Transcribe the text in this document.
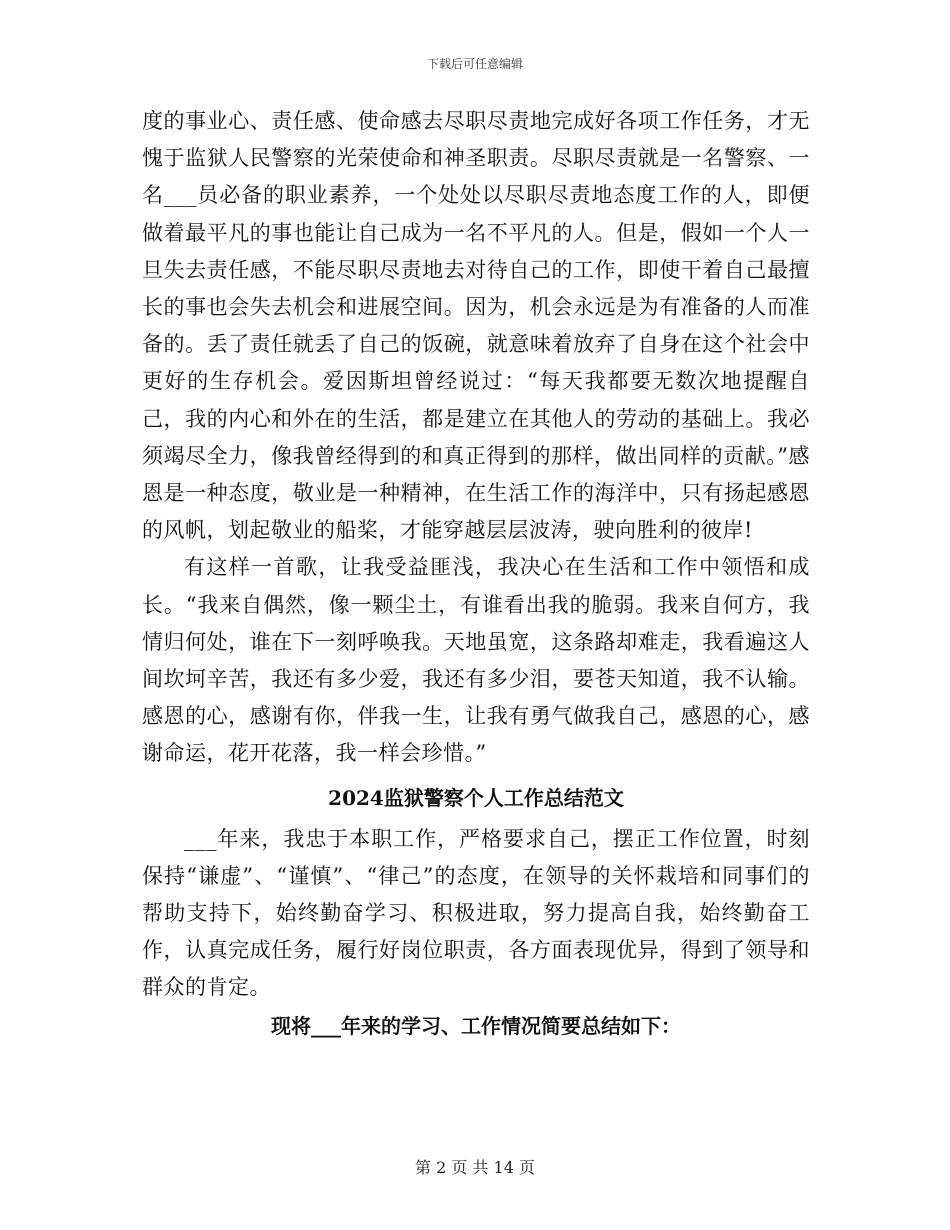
下载后可任意编辑

度的事业心、责任感、使命感去尽职尽责地完成好各项工作任务，才无愧于监狱人民警察的光荣使命和神圣职责。尽职尽责就是一名警察、一名___员必备的职业素养，一个处处以尽职尽责地态度工作的人，即便做着最平凡的事也能让自己成为一名不平凡的人。但是，假如一个人一旦失去责任感，不能尽职尽责地去对待自己的工作，即使干着自己最擅长的事也会失去机会和进展空间。因为，机会永远是为有准备的人而准备的。丢了责任就丢了自己的饭碗，就意味着放弃了自身在这个社会中更好的生存机会。爱因斯坦曾经说过：“每天我都要无数次地提醒自己，我的内心和外在的生活，都是建立在其他人的劳动的基础上。我必须竭尽全力，像我曾经得到的和真正得到的那样，做出同样的贡献。”感恩是一种态度，敬业是一种精神，在生活工作的海洋中，只有扬起感恩的风帆，划起敬业的船桨，才能穿越层层波涛，驶向胜利的彼岸!

有这样一首歌，让我受益匪浅，我决心在生活和工作中领悟和成长。“我来自偶然，像一颗尘土，有谁看出我的脆弱。我来自何方，我情归何处，谁在下一刻呼唤我。天地虽宽，这条路却难走，我看遍这人间坎坷辛苦，我还有多少爱，我还有多少泪，要苍天知道，我不认输。感恩的心，感谢有你，伴我一生，让我有勇气做我自己，感恩的心，感谢命运，花开花落，我一样会珍惜。”

2024监狱警察个人工作总结范文

___年来，我忠于本职工作，严格要求自己，摆正工作位置，时刻保持“谦虚”、“谨慎”、“律己”的态度，在领导的关怀栽培和同事们的帮助支持下，始终勤奋学习、积极进取，努力提高自我，始终勤奋工作，认真完成任务，履行好岗位职责，各方面表现优异，得到了领导和群众的肯定。

现将___年来的学习、工作情况简要总结如下：

第 2 页 共 14 页
